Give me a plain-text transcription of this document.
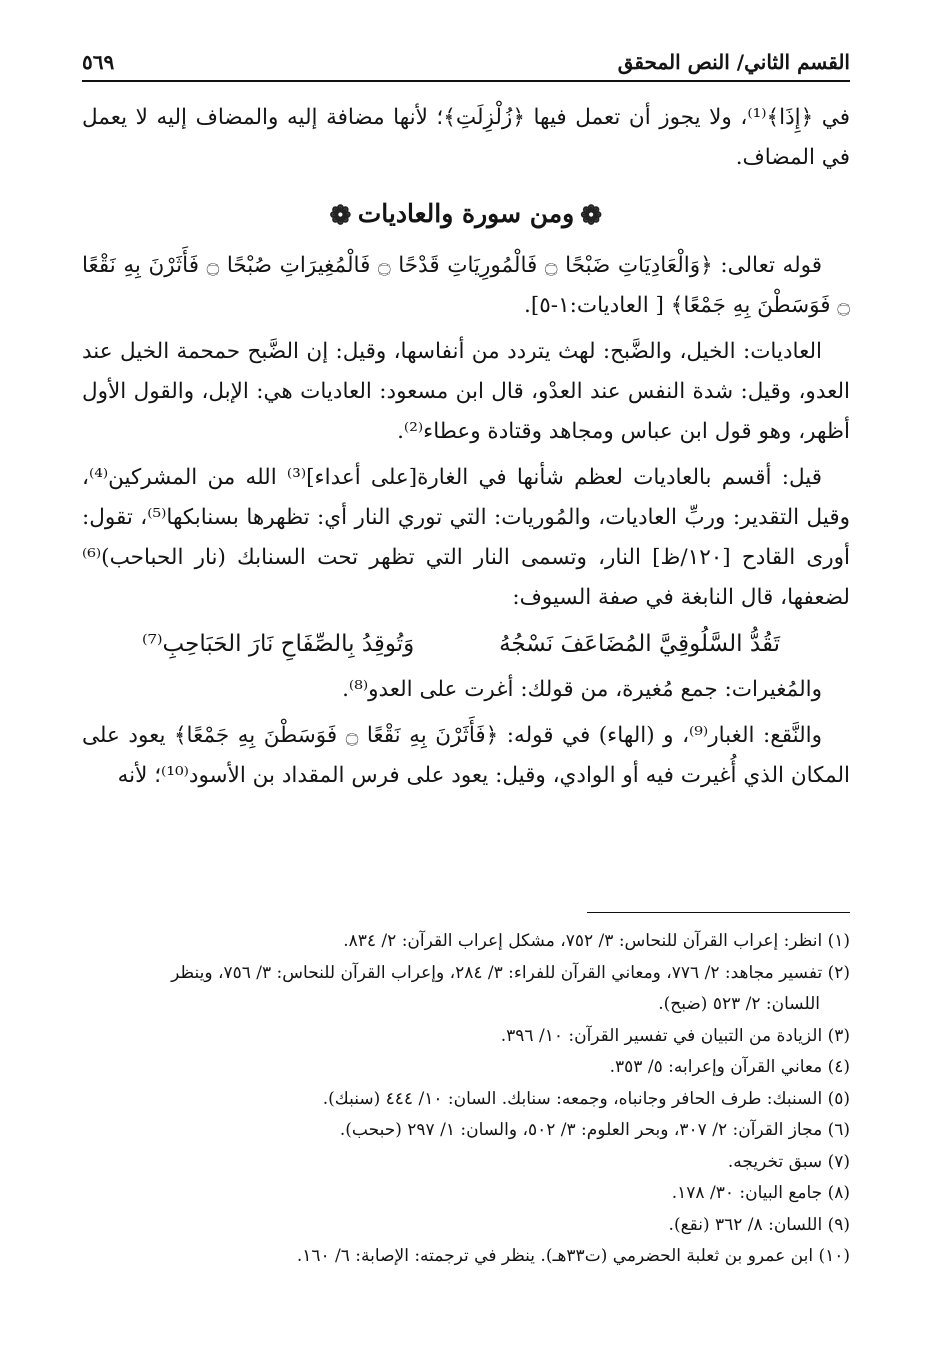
القسم الثاني/ النص المحقق
٥٦٩

في ﴿إِذَا﴾⁽¹⁾، ولا يجوز أن تعمل فيها ﴿زُلْزِلَتِ﴾؛ لأنها مضافة إليه والمضاف إليه لا يعمل في المضاف.

❁ومن سورة والعاديات❁

قوله تعالى: ﴿وَالْعَادِيَاتِ ضَبْحًا ۝ فَالْمُورِيَاتِ قَدْحًا ۝ فَالْمُغِيرَاتِ صُبْحًا ۝ فَأَثَرْنَ بِهِ نَقْعًا ۝ فَوَسَطْنَ بِهِ جَمْعًا﴾ [ العاديات:١-٥].

العاديات: الخيل، والضَّبح: لهث يتردد من أنفاسها، وقيل: إن الضَّبح حمحمة الخيل عند العدو، وقيل: شدة النفس عند العدْو، قال ابن مسعود: العاديات هي: الإبل، والقول الأول أظهر، وهو قول ابن عباس ومجاهد وقتادة وعطاء⁽²⁾.

قيل: أقسم بالعاديات لعظم شأنها في الغارة[على أعداء]⁽³⁾ الله من المشركين⁽⁴⁾، وقيل التقدير: وربِّ العاديات، والمُوريات: التي توري النار أي: تظهرها بسنابكها⁽⁵⁾، تقول: أورى القادح [١٢٠/ظ] النار، وتسمى النار التي تظهر تحت السنابك (نار الحباحب)⁽⁶⁾ لضعفها، قال النابغة في صفة السيوف:

تَقُدُّ السَّلُوقِيَّ المُضَاعَفَ نَسْجُهُ
وَتُوقِدُ بِالصِّفَاحِ نَارَ الحَبَاحِبِ⁽⁷⁾

والمُغيرات: جمع مُغيرة، من قولك: أغرت على العدو⁽⁸⁾.

والنَّقع: الغبار⁽⁹⁾، و (الهاء) في قوله: ﴿فَأَثَرْنَ بِهِ نَقْعًا ۝ فَوَسَطْنَ بِهِ جَمْعًا﴾ يعود على المكان الذي أُغيرت فيه أو الوادي، وقيل: يعود على فرس المقداد بن الأسود⁽¹⁰⁾؛ لأنه

(١) انظر: إعراب القرآن للنحاس: ٣/ ٧٥٢، مشكل إعراب القرآن: ٢/ ٨٣٤.

(٢) تفسير مجاهد: ٢/ ٧٧٦، ومعاني القرآن للفراء: ٣/ ٢٨٤، وإعراب القرآن للنحاس: ٣/ ٧٥٦، وينظر

اللسان: ٢/ ٥٢٣ (ضبح).

(٣) الزيادة من التبيان في تفسير القرآن: ١٠/ ٣٩٦.

(٤) معاني القرآن وإعرابه: ٥/ ٣٥٣.

(٥) السنبك: طرف الحافر وجانباه، وجمعه: سنابك. السان: ١٠/ ٤٤٤ (سنبك).

(٦) مجاز القرآن: ٢/ ٣٠٧، وبحر العلوم: ٣/ ٥٠٢، والسان: ١/ ٢٩٧ (حبحب).

(٧) سبق تخريجه.

(٨) جامع البيان: ٣٠/ ١٧٨.

(٩) اللسان: ٨/ ٣٦٢ (نقع).

(١٠) ابن عمرو بن ثعلبة الحضرمي (ت٣٣هـ). ينظر في ترجمته: الإصابة: ٦/ ١٦٠.
